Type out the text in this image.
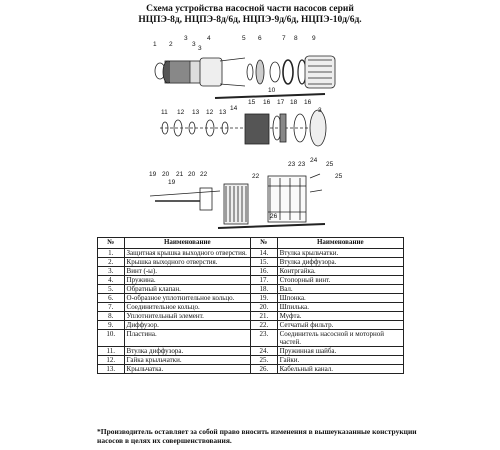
Схема устройства насосной части насосов серий
НЦПЭ-8д, НЦПЭ-8д/6д, НЦПЭ-9д/6д, НЦПЭ-10д/6д.
1 2
3	4	5 6	7 8 9
10
11 12 13
14
15 16 17 18
19 20 21	22
23
24
25
26
3
3
3
12 13
16
19
20 22
23
25
№	Наименование	№	Наименование
1.	Защитная крышка выходного отверстия.	14.	Втулка крыльчатки.
2.	Крышка выходного отверстия.	15.	Втулка диффузора.
3.	Винт (-ы).	16.	Контргайка.
4.	Пружина.	17.	Стопорный винт.
5.	Обратный клапан.	18.	Вал.
6.	О-образное уплотнительное кольцо.	19.	Шпонка.
7.	Соединительное кольцо.	20.	Шпилька.
8.	Уплотнительный элемент.	21.	Муфта.
9.	Диффузор.	22.	Сетчатый фильтр.
10.	Пластина.	23.	Соединитель насосной и моторной частей.
11.	Втулка диффузора.	24.	Пружинная шайба.
12.	Гайка крыльчатки.	25.	Гайки.
13.	Крыльчатка.	26.	Кабельный канал.
*Производитель оставляет за собой право вносить изменения в вышеуказанные конструкции насосов в целях их совершенствования.
